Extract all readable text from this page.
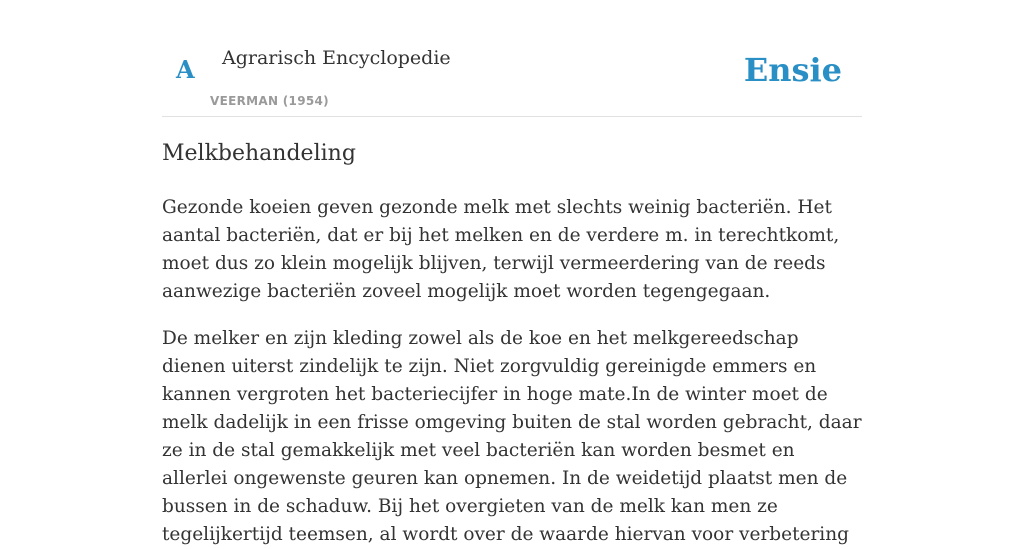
A Agrarisch Encyclopedie
VEERMAN (1954)
Ensie
Melkbehandeling

Gezonde koeien geven gezonde melk met slechts weinig bacteriën. Het aantal bacteriën, dat er bij het melken en de verdere m. in terechtkomt, moet dus zo klein mogelijk blijven, terwijl vermeerdering van de reeds aanwezige bacteriën zoveel mogelijk moet worden tegengegaan.

De melker en zijn kleding zowel als de koe en het melkgereedschap dienen uiterst zindelijk te zijn. Niet zorgvuldig gereinigde emmers en kannen vergroten het bacteriecijfer in hoge mate.In de winter moet de melk dadelijk in een frisse omgeving buiten de stal worden gebracht, daar ze in de stal gemakkelijk met veel bacteriën kan worden besmet en allerlei ongewenste geuren kan opnemen. In de weidetijd plaatst men de bussen in de schaduw. Bij het overgieten van de melk kan men ze tegelijkertijd teemsen, al wordt over de waarde hiervan voor verbetering
